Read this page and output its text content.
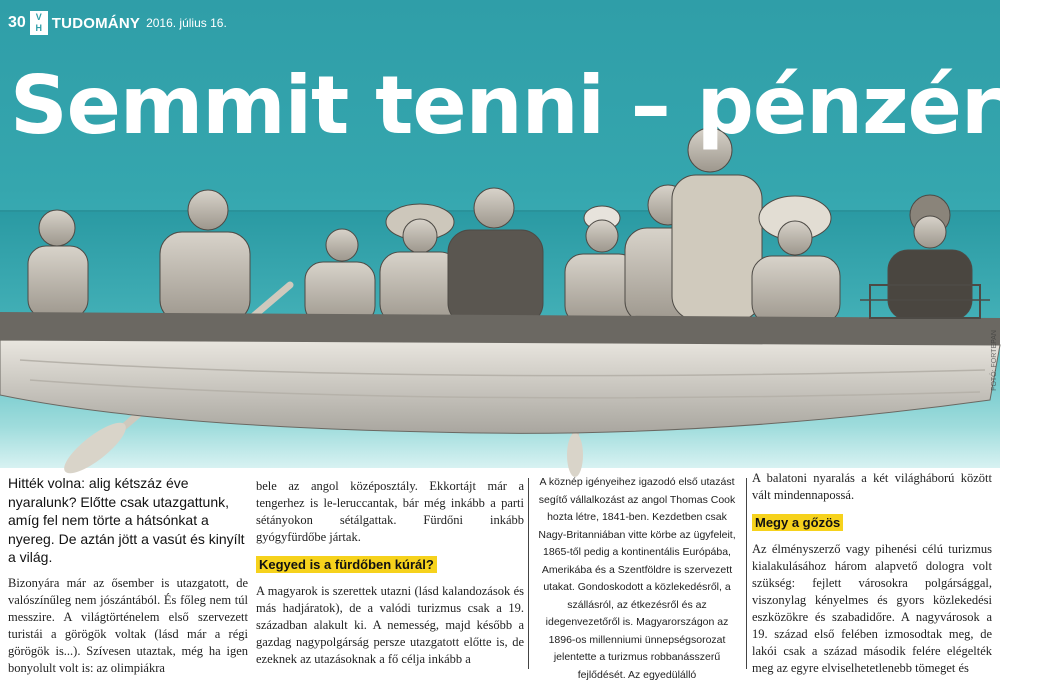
30	V
H TUDOMÁNY 2016. július 16.
Semmit tenni – pénzért
FOTÓ: FORTEPAN

Hitték volna: alig kétszáz éve nyaralunk? Előtte csak utazgattunk, amíg fel nem törte a hátsónkat a nyereg. De aztán jött a vasút és kinyílt a világ.

Bizonyára már az ősember is utazgatott, de valószínűleg nem jószántából. És főleg nem túl messzire. A világtörténelem első szervezett turistái a görögök voltak (lásd már a régi görögök is...). Szívesen utaztak, még ha igen bonyolult volt is: az olimpiákra

bele az angol középosztály. Ekkortájt már a tengerhez is le-leruccantak, bár még inkább a parti sétányokon sétálgattak. Fürdőni inkább gyógyfürdőbe jártak.

Kegyed is a fürdőben kúrál?

A magyarok is szerettek utazni (lásd kalandozások és más hadjáratok), de a valódi turizmus csak a 19. században alakult ki. A nemesség, majd később a gazdag nagypolgárság persze utazgatott előtte is, de ezeknek az utazásoknak a fő célja inkább a

A köznép igényeihez igazodó első utazást segítő vállalkozást az angol Thomas Cook hozta létre, 1841-ben. Kezdetben csak Nagy-Britanniában vitte körbe az ügyfeleit, 1865-től pedig a kontinentális Európába, Amerikába és a Szentföldre is szervezett utakat. Gondoskodott a közlekedésről, a szállásról, az étkezésről és az idegenvezetőről is. Magyarországon az 1896-os millenniumi ünnepségsorozat jelentette a turizmus robbanásszerű fejlődését. Az egyedülálló

A balatoni nyaralás a két világháború között vált mindennapossá.

Megy a gőzös

Az élményszerző vagy pihenési célú turizmus kialakulásához három alapvető dologra volt szükség: fejlett városokra polgársággal, viszonylag kényelmes és gyors közlekedési eszközökre és szabadidőre. A nagyvárosok a 19. század első felében izmosodtak meg, de lakói csak a század második felére elégelték meg az egyre elviselhetetlenebb tömeget és
